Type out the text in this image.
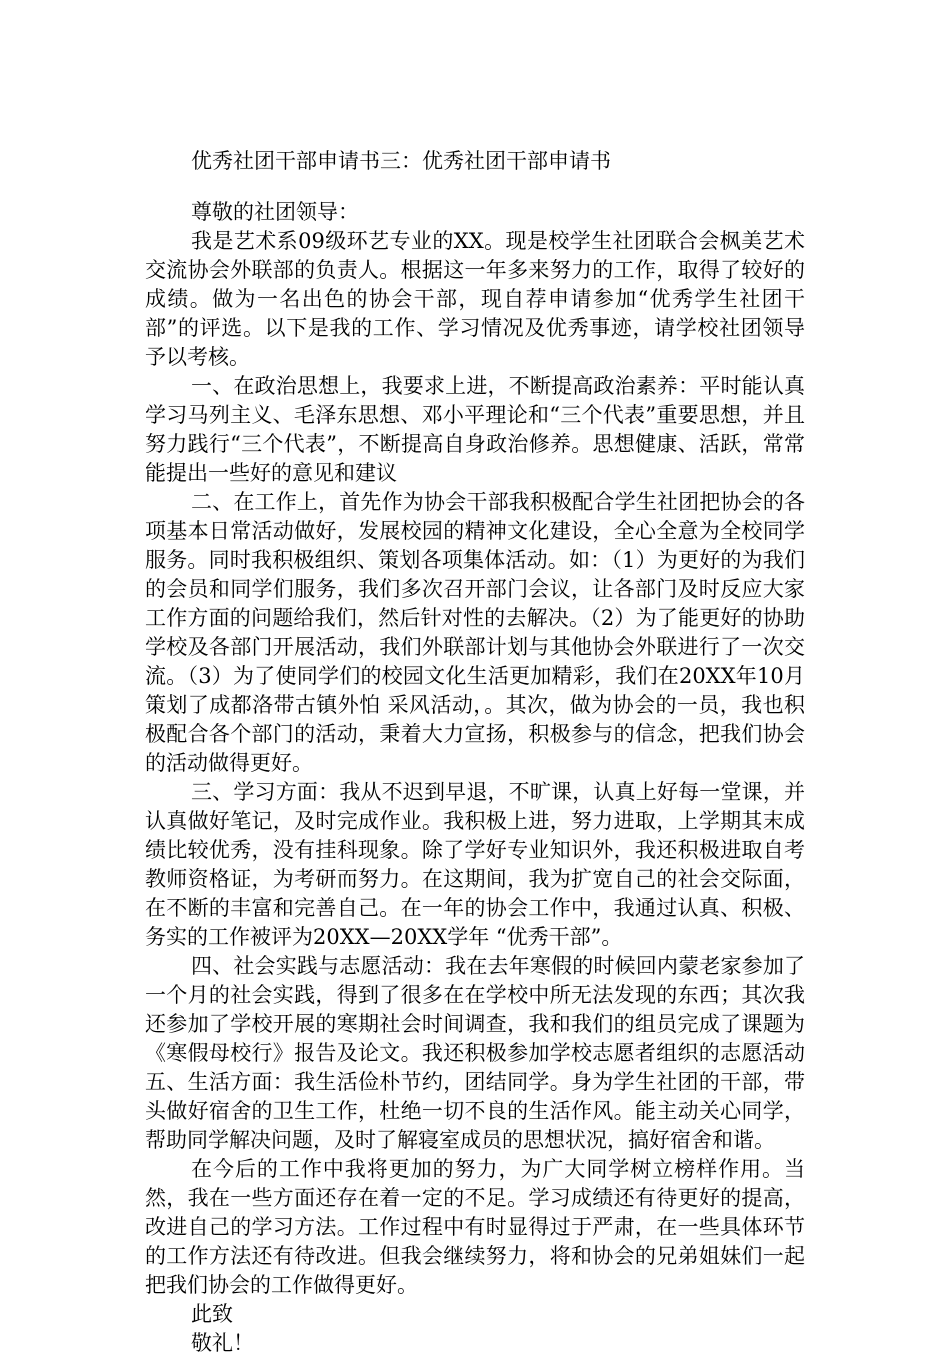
优秀社团干部申请书三：优秀社团干部申请书

尊敬的社团领导：

我是艺术系09级环艺专业的XX。现是校学生社团联合会枫美艺术交流协会外联部的负责人。根据这一年多来努力的工作，取得了较好的成绩。做为一名出色的协会干部，现自荐申请参加“优秀学生社团干部”的评选。以下是我的工作、学习情况及优秀事迹，请学校社团领导予以考核。

一、在政治思想上，我要求上进，不断提高政治素养：平时能认真学习马列主义、毛泽东思想、邓小平理论和“三个代表”重要思想，并且努力践行“三个代表”，不断提高自身政治修养。思想健康、活跃，常常能提出一些好的意见和建议

二、在工作上，首先作为协会干部我积极配合学生社团把协会的各项基本日常活动做好，发展校园的精神文化建设，全心全意为全校同学服务。同时我积极组织、策划各项集体活动。如：（1）为更好的为我们的会员和同学们服务，我们多次召开部门会议，让各部门及时反应大家工作方面的问题给我们，然后针对性的去解决。（2）为了能更好的协助学校及各部门开展活动，我们外联部计划与其他协会外联进行了一次交流。（3）为了使同学们的校园文化生活更加精彩，我们在20XX年10月策划了成都洛带古镇外怕 采风活动，。其次，做为协会的一员，我也积极配合各个部门的活动，秉着大力宣扬，积极参与的信念，把我们协会的活动做得更好。

三、学习方面：我从不迟到早退，不旷课，认真上好每一堂课，并认真做好笔记，及时完成作业。我积极上进，努力进取，上学期其末成绩比较优秀，没有挂科现象。除了学好专业知识外，我还积极进取自考教师资格证，为考研而努力。在这期间，我为扩宽自己的社会交际面，在不断的丰富和完善自己。在一年的协会工作中，我通过认真、积极、务实的工作被评为20XX—20XX学年 “优秀干部”。

四、社会实践与志愿活动：我在去年寒假的时候回内蒙老家参加了一个月的社会实践，得到了很多在在学校中所无法发现的东西；其次我还参加了学校开展的寒期社会时间调查，我和我们的组员完成了课题为《寒假母校行》报告及论文。我还积极参加学校志愿者组织的志愿活动 五、生活方面：我生活俭朴节约，团结同学。身为学生社团的干部，带头做好宿舍的卫生工作，杜绝一切不良的生活作风。能主动关心同学，帮助同学解决问题，及时了解寝室成员的思想状况，搞好宿舍和谐。

在今后的工作中我将更加的努力，为广大同学树立榜样作用。当然，我在一些方面还存在着一定的不足。学习成绩还有待更好的提高，改进自己的学习方法。工作过程中有时显得过于严肃，在一些具体环节的工作方法还有待改进。但我会继续努力，将和协会的兄弟姐妹们一起把我们协会的工作做得更好。

此致

敬礼！
